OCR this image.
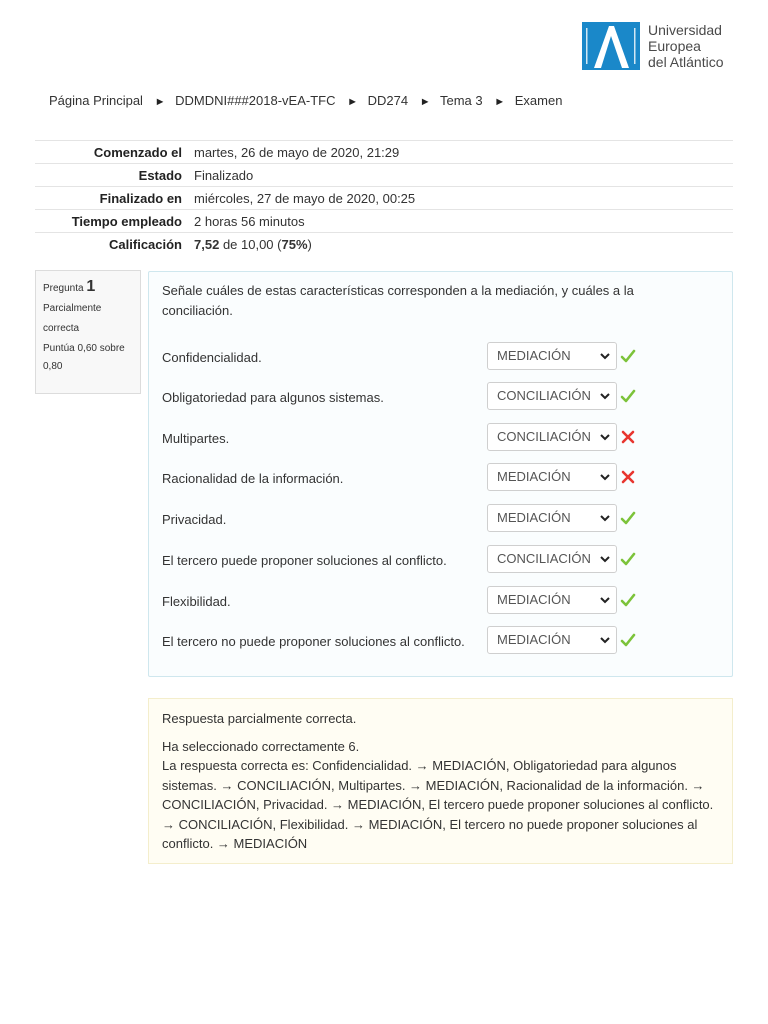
Universidad
Europea
del Atlántico
Página Principal ► DDMDNI###2018-vEA-TFC ► DD274 ► Tema 3 ► Examen
Comenzado el	martes, 26 de mayo de 2020, 21:29
Estado	Finalizado
Finalizado en	miércoles, 27 de mayo de 2020, 00:25
Tiempo empleado	2 horas 56 minutos
Calificación	7,52 de 10,00 (75%)
Pregunta 1
Parcialmente
correcta
Puntúa 0,60 sobre
0,80
Señale cuáles de estas características corresponden a la mediación, y cuáles a la conciliación.
Confidencialidad.	MEDIACIÓN
Obligatoriedad para algunos sistemas.	CONCILIACIÓN
Multipartes.	CONCILIACIÓN
Racionalidad de la información.	MEDIACIÓN
Privacidad.	MEDIACIÓN
El tercero puede proponer soluciones al conflicto.	CONCILIACIÓN
Flexibilidad.	MEDIACIÓN
El tercero no puede proponer soluciones al conflicto.	MEDIACIÓN
Respuesta parcialmente correcta.
Ha seleccionado correctamente 6.
La respuesta correcta es: Confidencialidad. → MEDIACIÓN, Obligatoriedad para algunos sistemas. → CONCILIACIÓN, Multipartes. → MEDIACIÓN, Racionalidad de la información. → CONCILIACIÓN, Privacidad. → MEDIACIÓN, El tercero puede proponer soluciones al conflicto. → CONCILIACIÓN, Flexibilidad. → MEDIACIÓN, El tercero no puede proponer soluciones al conflicto. → MEDIACIÓN
